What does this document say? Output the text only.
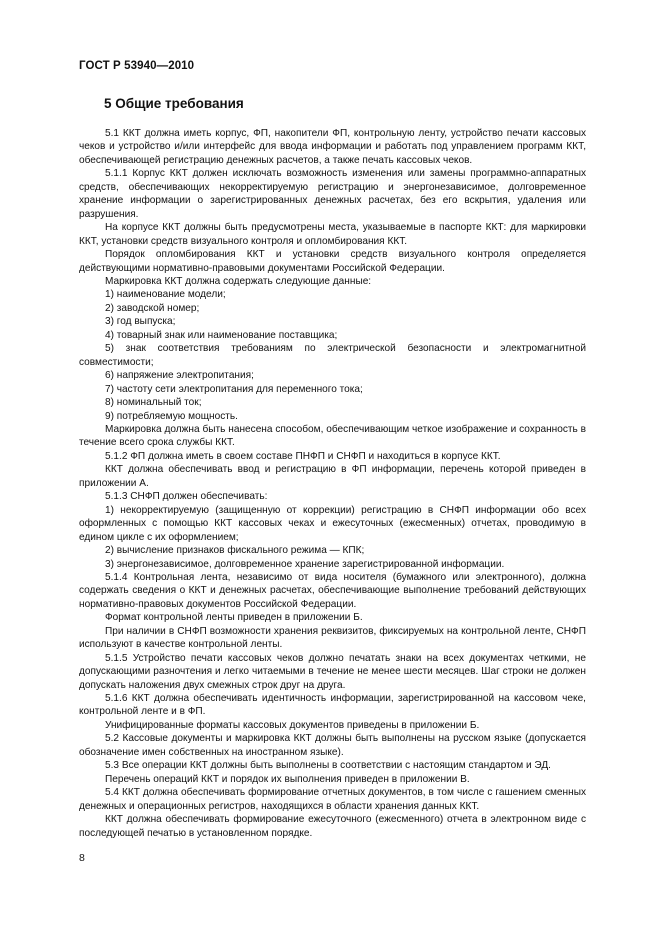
ГОСТ Р 53940—2010
5 Общие требования

5.1 ККТ должна иметь корпус, ФП, накопители ФП, контрольную ленту, устройство печати кассовых чеков и устройство и/или интерфейс для ввода информации и работать под управлением программ ККТ, обеспечивающей регистрацию денежных расчетов, а также печать кассовых чеков.

5.1.1 Корпус ККТ должен исключать возможность изменения или замены программно-аппаратных средств, обеспечивающих некорректируемую регистрацию и энергонезависимое, долговременное хранение информации о зарегистрированных денежных расчетах, без его вскрытия, удаления или разрушения.

На корпусе ККТ должны быть предусмотрены места, указываемые в паспорте ККТ: для маркировки ККТ, установки средств визуального контроля и опломбирования ККТ.

Порядок опломбирования ККТ и установки средств визуального контроля определяется действующими нормативно-правовыми документами Российской Федерации.

Маркировка ККТ должна содержать следующие данные:

1) наименование модели;

2) заводской номер;

3) год выпуска;

4) товарный знак или наименование поставщика;

5) знак соответствия требованиям по электрической безопасности и электромагнитной совместимости;

6) напряжение электропитания;

7) частоту сети электропитания для переменного тока;

8) номинальный ток;

9) потребляемую мощность.

Маркировка должна быть нанесена способом, обеспечивающим четкое изображение и сохранность в течение всего срока службы ККТ.

5.1.2 ФП должна иметь в своем составе ПНФП и СНФП и находиться в корпусе ККТ.

ККТ должна обеспечивать ввод и регистрацию в ФП информации, перечень которой приведен в приложении А.

5.1.3 СНФП должен обеспечивать:

1) некорректируемую (защищенную от коррекции) регистрацию в СНФП информации обо всех оформленных с помощью ККТ кассовых чеках и ежесуточных (ежесменных) отчетах, проводимую в едином цикле с их оформлением;

2) вычисление признаков фискального режима — КПК;

3) энергонезависимое, долговременное хранение зарегистрированной информации.

5.1.4 Контрольная лента, независимо от вида носителя (бумажного или электронного), должна содержать сведения о ККТ и денежных расчетах, обеспечивающие выполнение требований действующих нормативно-правовых документов Российской Федерации.

Формат контрольной ленты приведен в приложении Б.

При наличии в СНФП возможности хранения реквизитов, фиксируемых на контрольной ленте, СНФП используют в качестве контрольной ленты.

5.1.5 Устройство печати кассовых чеков должно печатать знаки на всех документах четкими, не допускающими разночтения и легко читаемыми в течение не менее шести месяцев. Шаг строки не должен допускать наложения двух смежных строк друг на друга.

5.1.6 ККТ должна обеспечивать идентичность информации, зарегистрированной на кассовом чеке, контрольной ленте и в ФП.

Унифицированные форматы кассовых документов приведены в приложении Б.

5.2 Кассовые документы и маркировка ККТ должны быть выполнены на русском языке (допускается обозначение имен собственных на иностранном языке).

5.3 Все операции ККТ должны быть выполнены в соответствии с настоящим стандартом и ЭД.

Перечень операций ККТ и порядок их выполнения приведен в приложении В.

5.4 ККТ должна обеспечивать формирование отчетных документов, в том числе с гашением сменных денежных и операционных регистров, находящихся в области хранения данных ККТ.

ККТ должна обеспечивать формирование ежесуточного (ежесменного) отчета в электронном виде с последующей печатью в установленном порядке.

8
